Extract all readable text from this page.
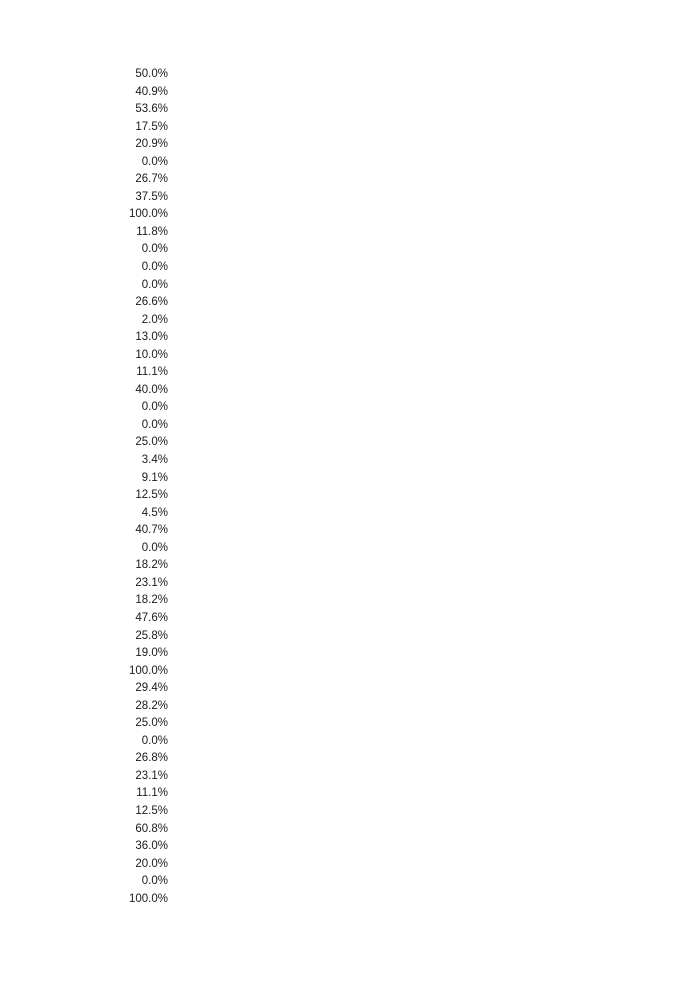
50.0%
40.9%
53.6%
17.5%
20.9%
0.0%
26.7%
37.5%
100.0%
11.8%
0.0%
0.0%
0.0%
26.6%
2.0%
13.0%
10.0%
11.1%
40.0%
0.0%
0.0%
25.0%
3.4%
9.1%
12.5%
4.5%
40.7%
0.0%
18.2%
23.1%
18.2%
47.6%
25.8%
19.0%
100.0%
29.4%
28.2%
25.0%
0.0%
26.8%
23.1%
11.1%
12.5%
60.8%
36.0%
20.0%
0.0%
100.0%
